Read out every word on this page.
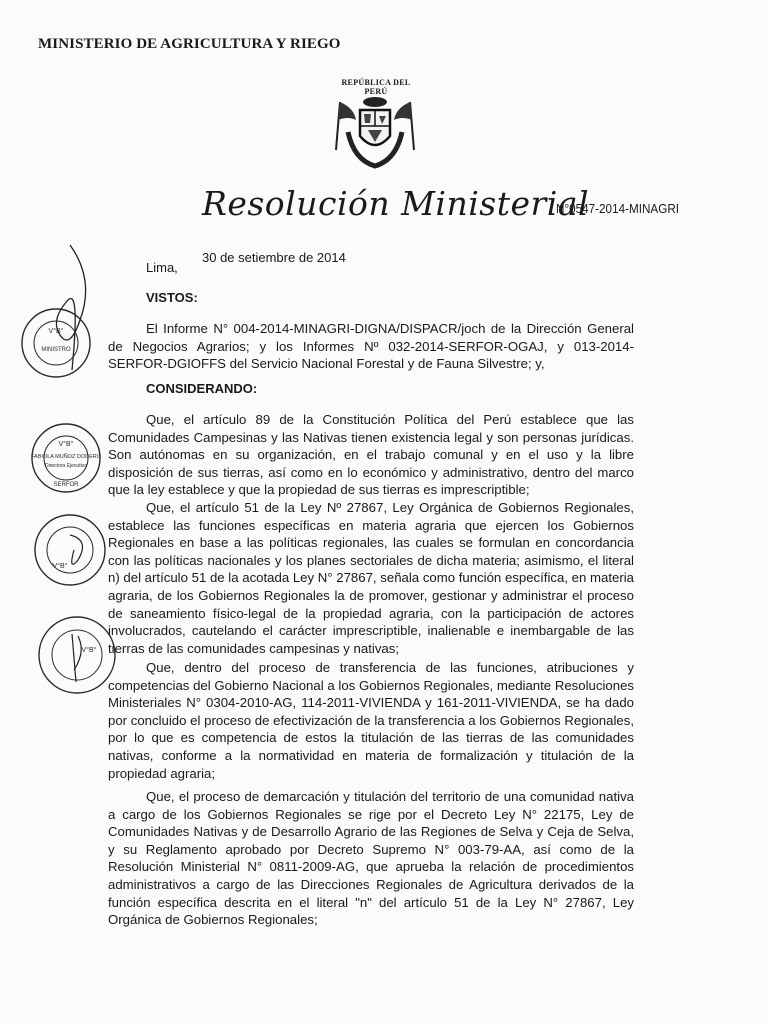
MINISTERIO DE AGRICULTURA Y RIEGO
REPÚBLICA DEL PERÚ
Resolución Ministerial
N°0547-2014-MINAGRI
Lima,
30 de setiembre de 2014
VISTOS:
El Informe N° 004-2014-MINAGRI-DIGNA/DISPACR/joch de la Dirección General de Negocios Agrarios; y los Informes Nº 032-2014-SERFOR-OGAJ, y 013-2014-SERFOR-DGIOFFS del Servicio Nacional Forestal y de Fauna Silvestre; y,
CONSIDERANDO:
Que, el artículo 89 de la Constitución Política del Perú establece que las Comunidades Campesinas y las Nativas tienen existencia legal y son personas jurídicas. Son autónomas en su organización, en el trabajo comunal y en el uso y la libre disposición de sus tierras, así como en lo económico y administrativo, dentro del marco que la ley establece y que la propiedad de sus tierras es imprescriptible;
Que, el artículo 51 de la Ley Nº 27867, Ley Orgánica de Gobiernos Regionales, establece las funciones específicas en materia agraria que ejercen los Gobiernos Regionales en base a las políticas regionales, las cuales se formulan en concordancia con las políticas nacionales y los planes sectoriales de dicha materia; asimismo, el literal n) del artículo 51 de la acotada Ley N° 27867, señala como función específica, en materia agraria, de los Gobiernos Regionales la de promover, gestionar y administrar el proceso de saneamiento físico-legal de la propiedad agraria, con la participación de actores involucrados, cautelando el carácter imprescriptible, inalienable e inembargable de las tierras de las comunidades campesinas y nativas;
Que, dentro del proceso de transferencia de las funciones, atribuciones y competencias del Gobierno Nacional a los Gobiernos Regionales, mediante Resoluciones Ministeriales N° 0304-2010-AG, 114-2011-VIVIENDA y 161-2011-VIVIENDA, se ha dado por concluido el proceso de efectivización de la transferencia a los Gobiernos Regionales, por lo que es competencia de estos la titulación de las tierras de las comunidades nativas, conforme a la normatividad en materia de formalización y titulación de la propiedad agraria;
Que, el proceso de demarcación y titulación del territorio de una comunidad nativa a cargo de los Gobiernos Regionales se rige por el Decreto Ley N° 22175, Ley de Comunidades Nativas y de Desarrollo Agrario de las Regiones de Selva y Ceja de Selva, y su Reglamento aprobado por Decreto Supremo N° 003-79-AA, así como de la Resolución Ministerial N° 0811-2009-AG, que aprueba la relación de procedimientos administrativos a cargo de las Direcciones Regionales de Agricultura derivados de la función específica descrita en el literal "n" del artículo 51 de la Ley N° 27867, Ley Orgánica de Gobiernos Regionales;
V°B°
MINISTRO
V°B°
FABIOLA MUÑOZ DODERO
Directora Ejecutiva
SERFOR
V°B°
V°B°
